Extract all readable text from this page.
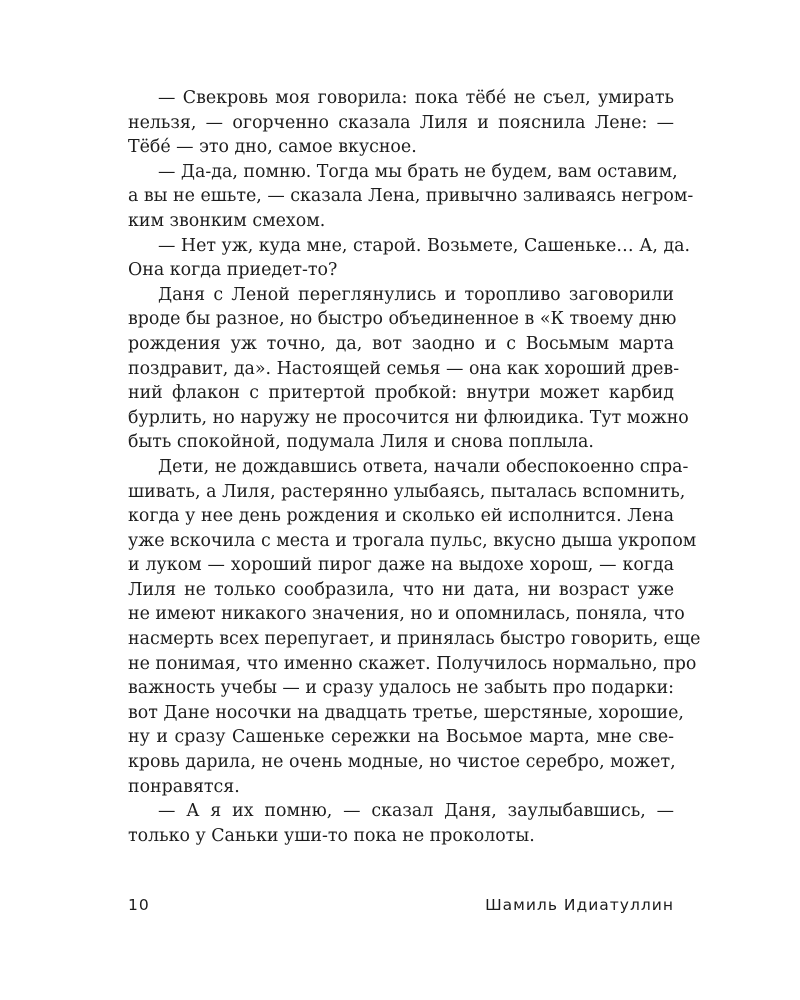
— Свекровь моя говорила: пока тёбе́ не съел, умирать
нельзя, — огорченно сказала Лиля и пояснила Лене: —
Тёбе́ — это дно, самое вкусное.

— Да-да, помню. Тогда мы брать не будем, вам оставим,
а вы не ешьте, — сказала Лена, привычно заливаясь негром-
ким звонким смехом.

— Нет уж, куда мне, старой. Возьмете, Сашеньке… А, да.
Она когда приедет-то?

Даня с Леной переглянулись и торопливо заговорили
вроде бы разное, но быстро объединенное в «К твоему дню
рождения уж точно, да, вот заодно и с Восьмым марта
поздравит, да». Настоящей семья — она как хороший древ-
ний флакон с притертой пробкой: внутри может карбид
бурлить, но наружу не просочится ни флюидика. Тут можно
быть спокойной, подумала Лиля и снова поплыла.

Дети, не дождавшись ответа, начали обеспокоенно спра-
шивать, а Лиля, растерянно улыбаясь, пыталась вспомнить,
когда у нее день рождения и сколько ей исполнится. Лена
уже вскочила с места и трогала пульс, вкусно дыша укропом
и луком — хороший пирог даже на выдохе хорош, — когда
Лиля не только сообразила, что ни дата, ни возраст уже
не имеют никакого значения, но и опомнилась, поняла, что
насмерть всех перепугает, и принялась быстро говорить, еще
не понимая, что именно скажет. Получилось нормально, про
важность учебы — и сразу удалось не забыть про подарки:
вот Дане носочки на двадцать третье, шерстяные, хорошие,
ну и сразу Сашеньке сережки на Восьмое марта, мне све-
кровь дарила, не очень модные, но чистое серебро, может,
понравятся.

— А я их помню, — сказал Даня, заулыбавшись, —
только у Саньки уши-то пока не проколоты.

10	Шамиль Идиатуллин
